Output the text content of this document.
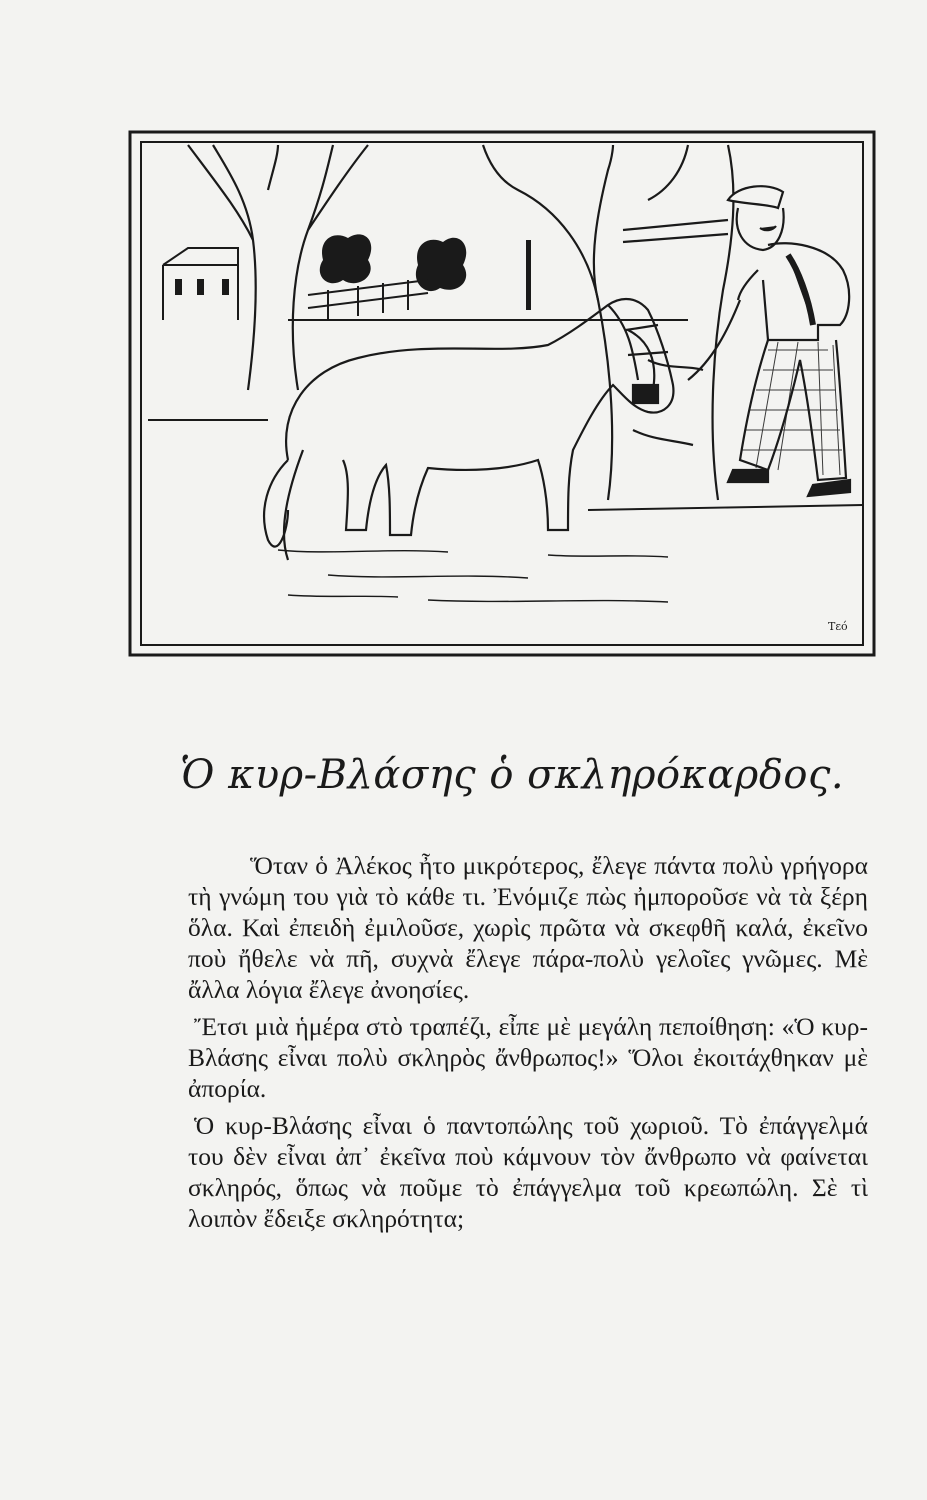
Τεό
Ὁ κυρ-Βλάσης ὁ σκληρόκαρδος.

Ὅταν ὁ Ἀλέκος ἦτο μικρότερος, ἔλεγε πάντα πολὺ γρήγορα τὴ γνώμη του γιὰ τὸ κάθε τι. Ἐνόμιζε πὼς ἠμποροῦσε νὰ τὰ ξέρη ὅλα. Καὶ ἐπειδὴ ἐμιλοῦσε, χωρὶς πρῶτα νὰ σκεφθῆ καλά, ἐκεῖνο ποὺ ἤθελε νὰ πῆ, συχνὰ ἔλεγε πάρα-πολὺ γελοῖες γνῶμες. Μὲ ἄλλα λόγια ἔλεγε ἀνοησίες.

Ἔτσι μιὰ ἡμέρα στὸ τραπέζι, εἶπε μὲ μεγάλη πεποίθηση: «Ὁ κυρ-Βλάσης εἶναι πολὺ σκληρὸς ἄνθρωπος!» Ὅλοι ἐκοιτάχθηκαν μὲ ἀπορία.

Ὁ κυρ-Βλάσης εἶναι ὁ παντοπώλης τοῦ χωριοῦ. Τὸ ἐπάγγελμά του δὲν εἶναι ἀπ᾽ ἐκεῖνα ποὺ κάμνουν τὸν ἄνθρωπο νὰ φαίνεται σκληρός, ὅπως νὰ ποῦμε τὸ ἐπάγγελμα τοῦ κρεωπώλη. Σὲ τὶ λοιπὸν ἔδειξε σκληρότητα;
